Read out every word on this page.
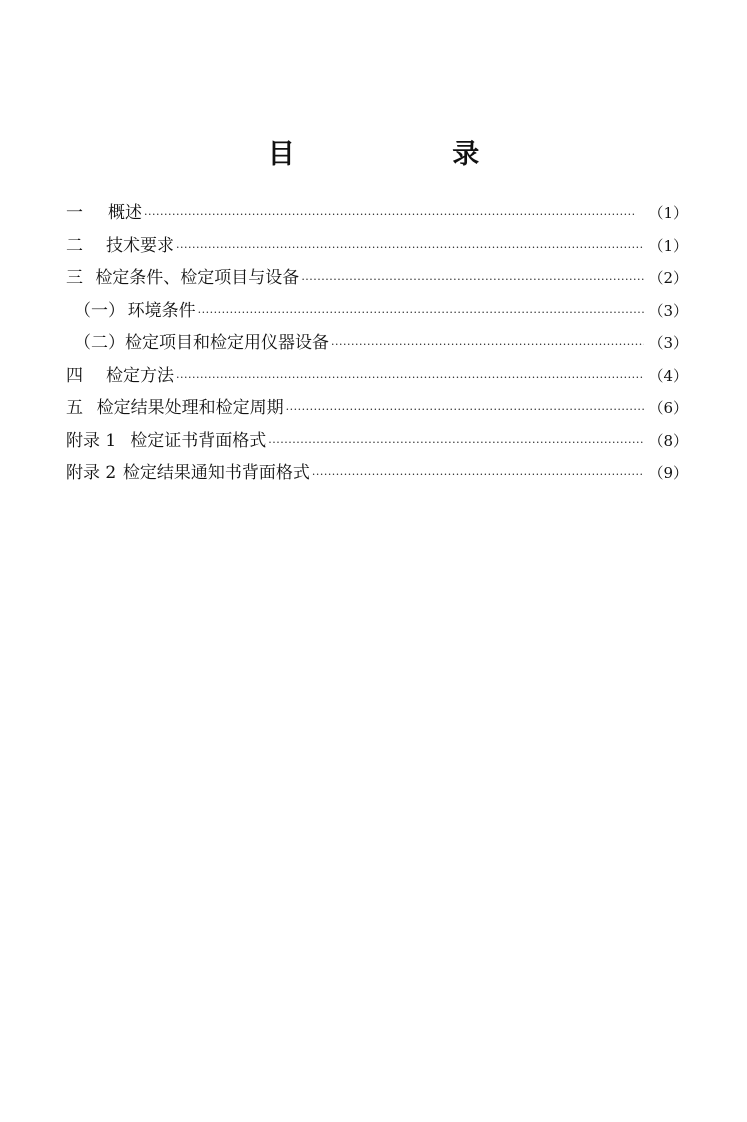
目 录
一	概述 ·····	（1）
二	技术要求 ·····	（1）
三 检定条件、检定项目与设备 ·····	（2）
（一） 环境条件 ·····	（3）
（二） 检定项目和检定用仪器设备 ·····	（3）
四	检定方法 ·····	（4）
五 检定结果处理和检定周期 ·····	（6）
附录 1 检定证书背面格式 ·····	（8）
附录 2 检定结果通知书背面格式 ·····	（9）
